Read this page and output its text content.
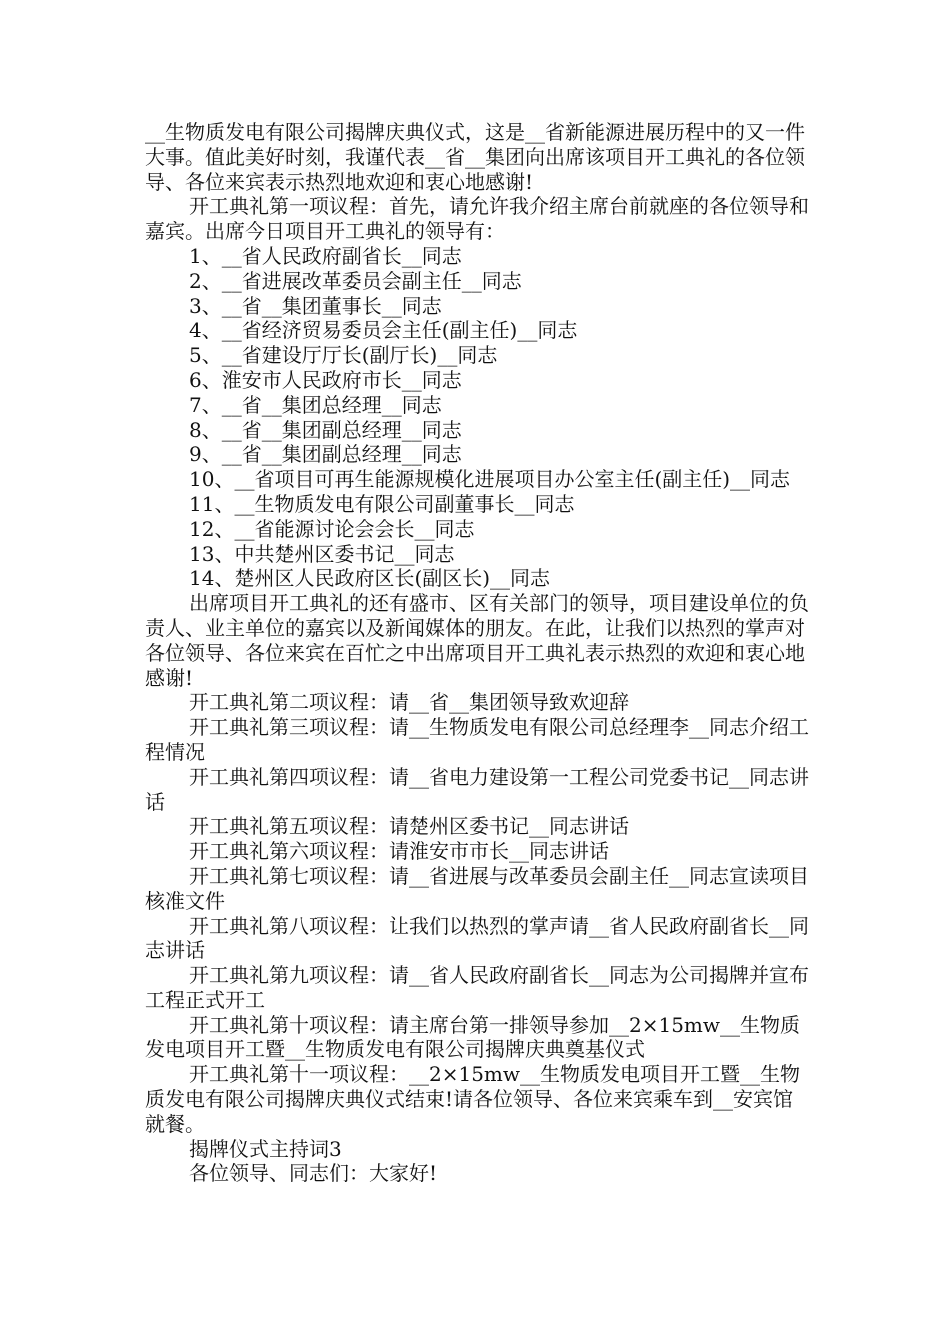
__生物质发电有限公司揭牌庆典仪式，这是__省新能源进展历程中的又一件大事。值此美好时刻，我谨代表__省__集团向出席该项目开工典礼的各位领导、各位来宾表示热烈地欢迎和衷心地感谢!

开工典礼第一项议程：首先，请允许我介绍主席台前就座的各位领导和嘉宾。出席今日项目开工典礼的领导有：

1、__省人民政府副省长__同志

2、__省进展改革委员会副主任__同志

3、__省__集团董事长__同志

4、__省经济贸易委员会主任(副主任)__同志

5、__省建设厅厅长(副厅长)__同志

6、淮安市人民政府市长__同志

7、__省__集团总经理__同志

8、__省__集团副总经理__同志

9、__省__集团副总经理__同志

10、__省项目可再生能源规模化进展项目办公室主任(副主任)__同志

11、__生物质发电有限公司副董事长__同志

12、__省能源讨论会会长__同志

13、中共楚州区委书记__同志

14、楚州区人民政府区长(副区长)__同志

出席项目开工典礼的还有盛市、区有关部门的领导，项目建设单位的负责人、业主单位的嘉宾以及新闻媒体的朋友。在此，让我们以热烈的掌声对各位领导、各位来宾在百忙之中出席项目开工典礼表示热烈的欢迎和衷心地感谢!

开工典礼第二项议程：请__省__集团领导致欢迎辞

开工典礼第三项议程：请__生物质发电有限公司总经理李__同志介绍工程情况

开工典礼第四项议程：请__省电力建设第一工程公司党委书记__同志讲话

开工典礼第五项议程：请楚州区委书记__同志讲话

开工典礼第六项议程：请淮安市市长__同志讲话

开工典礼第七项议程：请__省进展与改革委员会副主任__同志宣读项目核准文件

开工典礼第八项议程：让我们以热烈的掌声请__省人民政府副省长__同志讲话

开工典礼第九项议程：请__省人民政府副省长__同志为公司揭牌并宣布工程正式开工

开工典礼第十项议程：请主席台第一排领导参加__2×15mw__生物质发电项目开工暨__生物质发电有限公司揭牌庆典奠基仪式

开工典礼第十一项议程：__2×15mw__生物质发电项目开工暨__生物质发电有限公司揭牌庆典仪式结束!请各位领导、各位来宾乘车到__安宾馆就餐。

揭牌仪式主持词3

各位领导、同志们：大家好!
